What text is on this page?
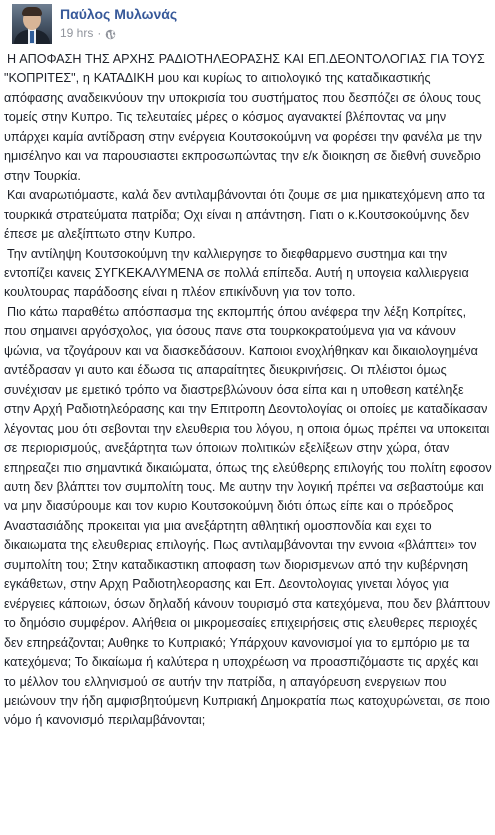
Παύλος Μυλωνάς
19 hrs ·

Η ΑΠΟΦΑΣΗ ΤΗΣ ΑΡΧΗΣ ΡΑΔΙΟΤΗΛΕΟΡΑΣΗΣ ΚΑΙ ΕΠ.ΔΕΟΝΤΟΛΟΓΙΑΣ ΓΙΑ ΤΟΥΣ "ΚΟΠΡΙΤΕΣ", η ΚΑΤΑΔΙΚΗ μου και κυρίως το αιτιολογικό της καταδικαστικής απόφασης αναδεικνύουν την υποκρισία του συστήματος που δεσπόζει σε όλους τους τομείς στην Κυπρο. Τις τελευταίες μέρες ο κόσμος αγανακτεί βλέποντας να μην υπάρχει καμία αντίδραση στην ενέργεια Κουτσοκούμνη να φορέσει την φανέλα με την ημισέληνο και να παρουσιαστει εκπροσωπώντας την ε/κ διοικηση σε διεθνή συνεδριο στην Τουρκία.

Και αναρωτιόμαστε, καλά δεν αντιλαμβάνονται ότι ζουμε σε μια ημικατεχόμενη απο τα τουρκικά στρατεύματα πατρίδα; Οχι είναι η απάντηση. Γιατι ο κ.Κουτσοκούμνης δεν έπεσε με αλεξίπτωτο στην Κυπρο.

Την αντίληψη Κουτσοκούμνη την καλλιεργησε το διεφθαρμενο συστημα και την εντοπίζει κανεις ΣΥΓΚΕΚΑΛΥΜΕΝΑ σε πολλά επίπεδα. Αυτή η υπογεια καλλιεργεια κουλτουρας παράδοσης είναι η πλέον επικίνδυνη για τον τοπο.

Πιο κάτω παραθέτω απόσπασμα της εκπομπής όπου ανέφερα την λέξη Κοπρίτες, που σημαινει αργόσχολος, για όσους πανε στα τουρκοκρατούμενα για να κάνουν ψώνια, να τζογάρουν και να διασκεδάσουν. Καποιοι ενοχλήθηκαν και δικαιολογημένα αντέδρασαν γι αυτο και έδωσα τις απαραίτητες διευκρινήσεις. Οι πλέιστοι όμως συνέχισαν με εμετικό τρόπο να διαστρεβλώνουν όσα είπα και η υποθεση κατέληξε στην Αρχή Ραδιοτηλεόρασης και την Επιτροπη Δεοντολογίας οι οποίες με καταδίκασαν λέγοντας μου ότι σεβονται την ελευθερια του λόγου, η οποια όμως πρέπει να υποκειται σε περιορισμούς, ανεξάρτητα των όποιων πολιτικών εξελίξεων στην χώρα, όταν επηρεαζει πιο σημαντικά δικαιώματα, όπως της ελεύθερης επιλογής του πολίτη εφοσον αυτη δεν βλάπτει τον συμπολίτη τους. Με αυτην την λογική πρέπει να σεβαστούμε και να μην διασύρουμε και τον κυριο Κουτσοκούμνη διότι όπως είπε και ο πρόεδρος Αναστασιάδης προκειται για μια ανεξάρτητη αθλητική ομοσπονδία και εχει το δικαιωματα της ελευθεριας επιλογής. Πως αντιλαμβάνονται την εννοια «βλάπτει» τον συμπολίτη του; Στην καταδικαστικη αποφαση των διορισμενων από την κυβέρνηση εγκάθετων, στην Αρχη Ραδιοτηλεορασης και Επ. Δεοντολογιας γινεται λόγος για ενέργειες κάποιων, όσων δηλαδή κάνουν τουρισμό στα κατεχόμενα, που δεν βλάπτουν το δημόσιο συμφέρον. Αλήθεια οι μικρομεσαίες επιχειρήσεις στις ελευθερες περιοχές δεν επηρεάζονται; Αυθηκε το Κυπριακό; Υπάρχουν κανονισμοί για το εμπόριο με τα κατεχόμενα; Το δικαίωμα ή καλύτερα η υποχρέωση να προασπιζόμαστε τις αρχές και το μέλλον του ελληνισμού σε αυτήν την πατρίδα, η απαγόρευση ενεργειων που μειώνουν την ήδη αμφισβητούμενη Κυπριακή Δημοκρατία πως κατοχυρώνεται, σε ποιο νόμο ή κανονισμό περιλαμβάνονται;
